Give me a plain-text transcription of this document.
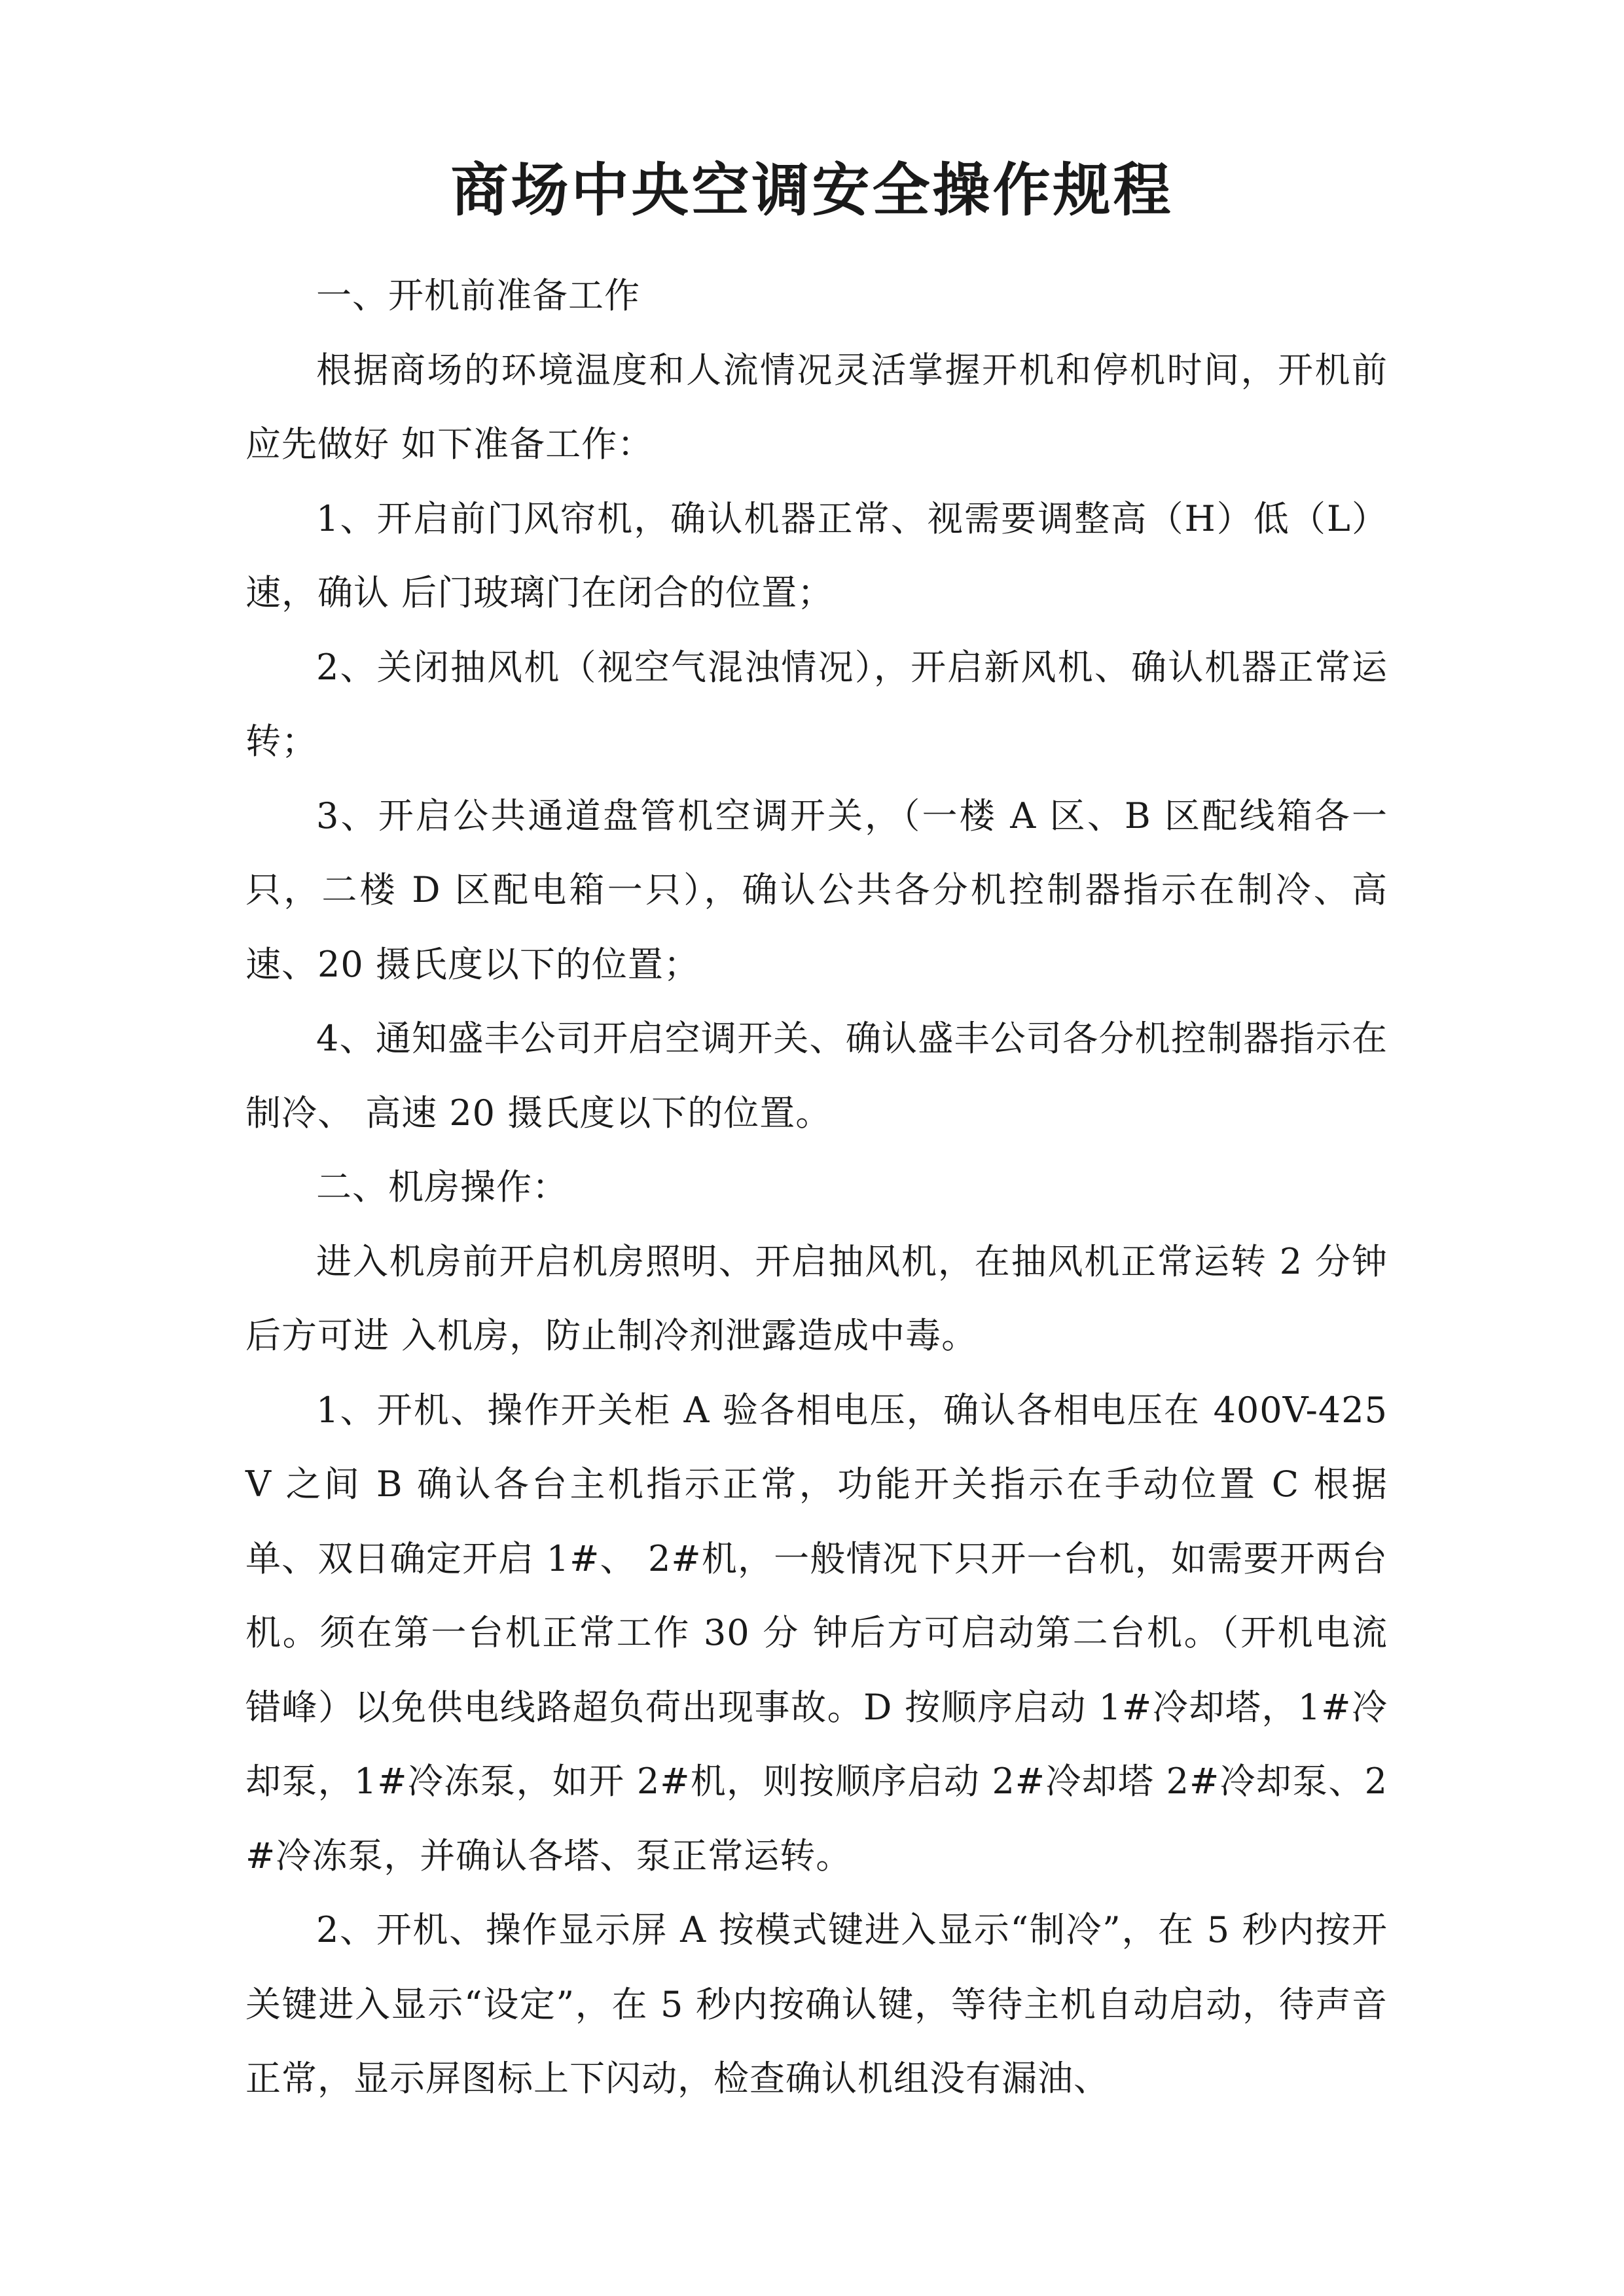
商场中央空调安全操作规程

一、开机前准备工作

根据商场的环境温度和人流情况灵活掌握开机和停机时间，开机前应先做好 如下准备工作：

1、开启前门风帘机，确认机器正常、视需要调整高（H）低（L）速，确认 后门玻璃门在闭合的位置；

2、关闭抽风机（视空气混浊情况），开启新风机、确认机器正常运转；

3、开启公共通道盘管机空调开关，（一楼 A 区、B 区配线箱各一只，二楼 D 区配电箱一只），确认公共各分机控制器指示在制冷、高速、20 摄氏度以下的位置；

4、通知盛丰公司开启空调开关、确认盛丰公司各分机控制器指示在制冷、 高速 20 摄氏度以下的位置。

二、机房操作：

进入机房前开启机房照明、开启抽风机，在抽风机正常运转 2 分钟后方可进 入机房，防止制冷剂泄露造成中毒。

1、开机、操作开关柜 A 验各相电压，确认各相电压在 400V-425V 之间 B 确认各台主机指示正常，功能开关指示在手动位置 C 根据单、双日确定开启 1#、 2#机，一般情况下只开一台机，如需要开两台机。须在第一台机正常工作 30 分 钟后方可启动第二台机。（开机电流错峰）以免供电线路超负荷出现事故。D 按顺序启动 1#冷却塔，1#冷却泵，1#冷冻泵，如开 2#机，则按顺序启动 2#冷却塔 2#冷却泵、2#冷冻泵，并确认各塔、泵正常运转。

2、开机、操作显示屏 A 按模式键进入显示“制冷”，在 5 秒内按开关键进入显示“设定”，在 5 秒内按确认键，等待主机自动启动，待声音正常，显示屏图标上下闪动，检查确认机组没有漏油、
